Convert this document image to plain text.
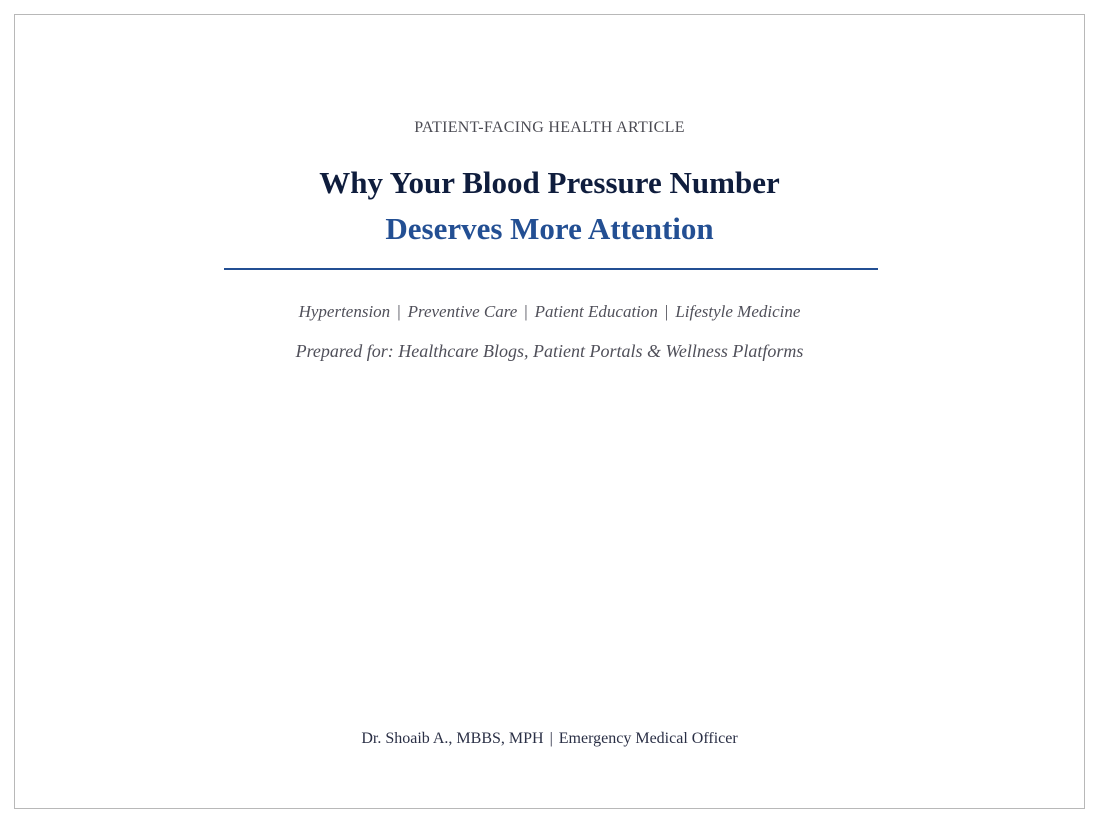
PATIENT-FACING HEALTH ARTICLE
Why Your Blood Pressure Number
Deserves More Attention
Hypertension | Preventive Care | Patient Education | Lifestyle Medicine
Prepared for: Healthcare Blogs, Patient Portals & Wellness Platforms
Dr. Shoaib A., MBBS, MPH | Emergency Medical Officer
